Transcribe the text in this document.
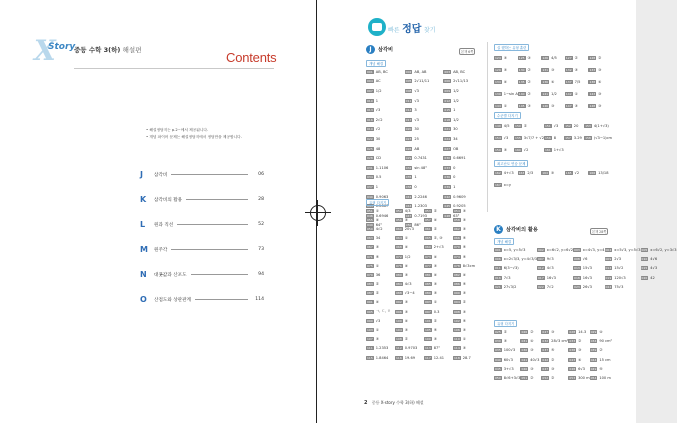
X
Story
중등 수학 3(하) 해설편	Contents
• 해설정답지는 p.2~에서 제공됩니다.
• 개념 파이어 문제는 해설정답지에서 정답만을 제공합니다.
J	삼각비	06
K	삼각비의 활용	28
L	원과 직선	52
M	원주각	73
N	대푯값과 산포도	94
O	산점도와 상관관계	114
빠른 정답 찾기
J	삼각비	본책 6쪽
개념 해결
001 AB, BC	002 AB, AB	003 AB, BC
004 AC	005 2√11/11	006 2√11/13
007 1/2	008 √3	009 1/2
010 1	011 √3	012 1/2
013 √3	014 3	015 1
016 2√2	017 √3	018 1/2
019 √2	020 30	021 30
022 30	023 25	024 34
025 48	026 AB	027 OB
028 CD	029 0.7431	030 0.6691
031 1.1106	032 sin 48°	033 0
034 0.5	035 1	036 0
037 1	038 0	039 1
040 0.9063	041 2.2246	042 0.9609
043 0.2867	044 1.2303	045 0.9205
046 0.6946	047 0.7193	048 63°
049 64°	050 86°
유형 다지기
051 ①	052 4/3	053 ②	054 ③
055 ④	056 ③	057 ④	058 ③
059 4√2	060 20√3	061 ②	062 ③
063 34	064 ①	065 ②, ③	066 ⑤
067 ③	068 ④	069 2+√3	070 ⑤
071 ⑤	072 1/2	073 ④	074 ⑤
075 ①	076 ④	077 ③	078 8√3cm
079 36	080 ③	081 ④	082 ④
083 ②	084 4√3	085 ③	086 ⑤
087 ②	088 √3−4	089 ③	090 ③
091 ④	092 ③	093 ①	094 ②
095 ㄱ, ㄷ, ㄹ	096 ③	097 0.3	098 ③
099 √3	100 ④	101 ②	102 ⑤
103 ①	104 ③	105 ⑤	106 ③
107 ③	108 ②	109 ③	110 ①
111 1.2353	112 0.9703	113 87°	114 ③
115 1.8464	116 19.69	117 12.41	118 28.7
실 했하는 유형 훈련
124 ③	125 ③	126 4/5	127 ②	128 ②
129 ③	130 ②	131 ③	132 ③	133 ③
134 ④	135 ②	136 ④	137 7/5	138 ④
139 1−sin A 140 ②	141 1/2	142 ①	143 ③
144 ①	145 ③	146 ③	147 ③	148 ③
수준별 다지기
149 4/5	150 ②	151 √3	152 20	153 4(1+√3)
154 √3	155 3√7/7 + √2 156 8	157 3.29	158 (√3−1)cm
159 ③	160 √2	161 1+√3
최고난도 연습 문제
162 4+√3	163 2/3	164 ③	165 √2	166 13/18
167 x=y
K 삼각비의 활용	본책 28쪽
개념 해결
001 x=5, y=5√3	002 x=6√2, y=6√2 003 x=4√3, y=4 004 x=5√3, y=5√3 005 x=6√2, y=3√3
006 x=2√3/3, y=4√3/3 007 9√3	008 √6	009 2√3	010 4√6
011 6(3−√3)	012 4√3	013 15√3	014 15√2	015 4√3
016 7√3	017 16√3	018 16√3	019 120√3	020 42
021 27√3/2	022 7√2	023 26√3	024 75√3
유형 다지기
025 ②	026 ②	027 ③	028 14.3	029 ④
030 ③	031 ④	032 28√3 cm² 033 ②	034 90 cm²
035 100√3	036 ③	037 ⑤	038 ③	039 ②
040 60√3	041 40√3	042 ②	043 ④	044 15 cm
045 3+√3	046 ③	047 ③	048 6√3	049 ⑤
050 8√6+3√3 051 ②	052 ②	053 300 m 054 100 m
2 중등 X-story 수학 3(하) 해설
